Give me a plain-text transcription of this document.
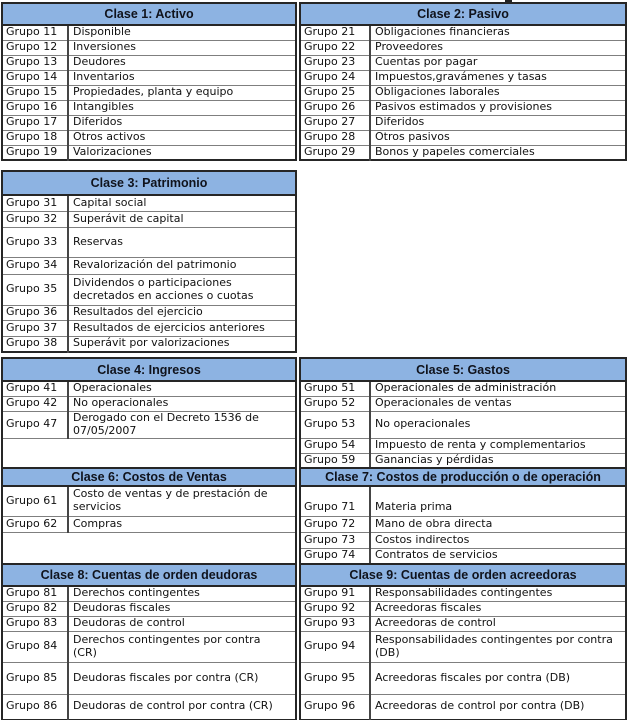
Clase 1: Activo	
Grupo 11	Disponible
Grupo 12	Inversiones
Grupo 13	Deudores
Grupo 14	Inventarios
Grupo 15	Propiedades, planta y equipo
Grupo 16	Intangibles
Grupo 17	Diferidos
Grupo 18	Otros activos
Grupo 19	Valorizaciones
Clase 2: Pasivo	
Grupo 21	Obligaciones financieras
Grupo 22	Proveedores
Grupo 23	Cuentas por pagar
Grupo 24	Impuestos,gravámenes y tasas
Grupo 25	Obligaciones laborales
Grupo 26	Pasivos estimados y provisiones
Grupo 27	Diferidos
Grupo 28	Otros pasivos
Grupo 29	Bonos y papeles comerciales
Clase 3: Patrimonio	
Grupo 31	Capital social
Grupo 32	Superávit de capital
Grupo 33	Reservas
Grupo 34	Revalorización del patrimonio
Grupo 35	Dividendos o participaciones decretados en acciones o cuotas
Grupo 36	Resultados del ejercicio
Grupo 37	Resultados de ejercicios anteriores
Grupo 38	Superávit por valorizaciones
Clase 4: Ingresos	
Grupo 41	Operacionales
Grupo 42	No operacionales
Grupo 47	Derogado con el Decreto 1536 de 07/05/2007

Clase 5: Gastos	
Grupo 51	Operacionales de administración
Grupo 52	Operacionales de ventas
Grupo 53	No operacionales
Grupo 54	Impuesto de renta y complementarios
Grupo 59	Ganancias y pérdidas
Clase 6: Costos de Ventas	
Grupo 61	Costo de ventas y de prestación de servicios
Grupo 62	Compras

Clase 7: Costos de producción o de operación	
Grupo 71	Materia prima
Grupo 72	Mano de obra directa
Grupo 73	Costos indirectos
Grupo 74	Contratos de servicios
Clase 8: Cuentas de orden deudoras	
Grupo 81	Derechos contingentes
Grupo 82	Deudoras fiscales
Grupo 83	Deudoras de control
Grupo 84	Derechos contingentes por contra (CR)
Grupo 85	Deudoras fiscales por contra (CR)
Grupo 86	Deudoras de control por contra (CR)
Clase 9: Cuentas de orden acreedoras	
Grupo 91	Responsabilidades contingentes
Grupo 92	Acreedoras fiscales
Grupo 93	Acreedoras de control
Grupo 94	Responsabilidades contingentes por contra (DB)
Grupo 95	Acreedoras fiscales por contra (DB)
Grupo 96	Acreedoras de control por contra (DB)
